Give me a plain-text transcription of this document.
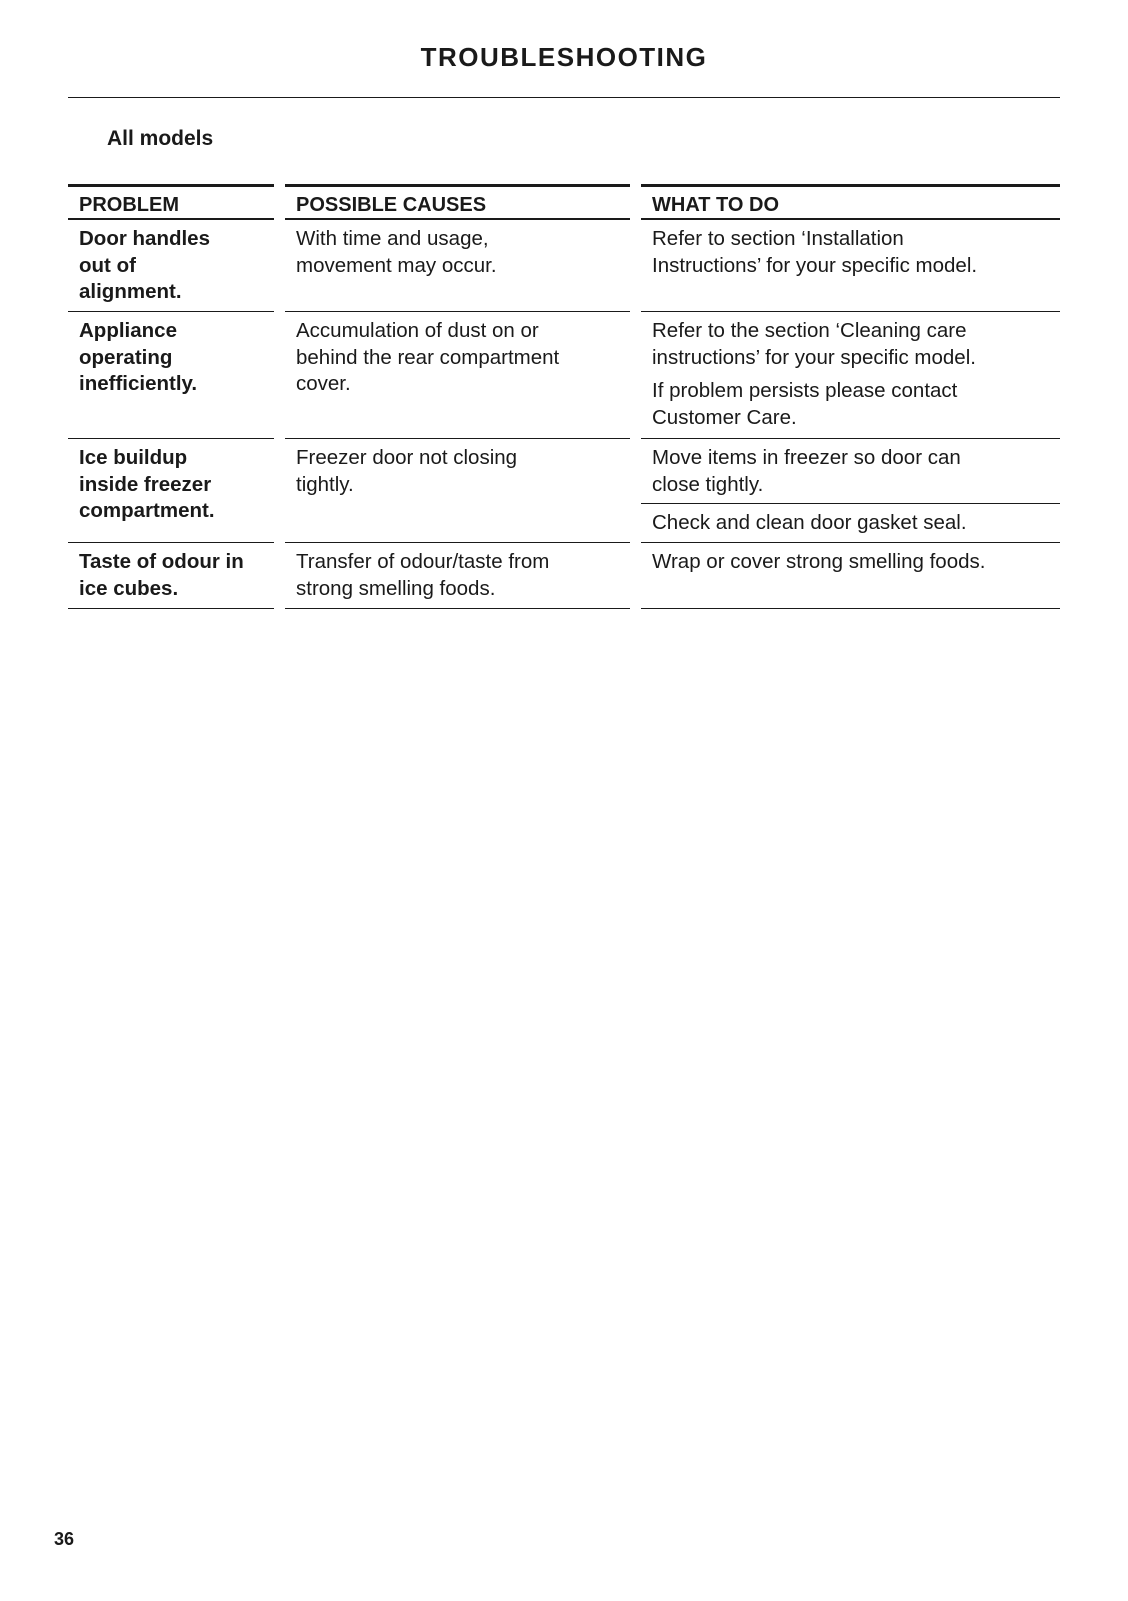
TROUBLESHOOTING
All models
PROBLEM
Door handles
out of
alignment.
Appliance
operating
inefficiently.
Ice buildup
inside freezer
compartment.
Taste of odour in
ice cubes.
POSSIBLE CAUSES
With time and usage,
movement may occur.
Accumulation of dust on or
behind the rear compartment
cover.
Freezer door not closing
tightly.
Transfer of odour/taste from
strong smelling foods.
WHAT TO DO
Refer to section ‘Installation
Instructions’ for your specific model.
Refer to the section ‘Cleaning care
instructions’ for your specific model.
If problem persists please contact
Customer Care.
Move items in freezer so door can
close tightly.
Check and clean door gasket seal.
Wrap or cover strong smelling foods.
36
